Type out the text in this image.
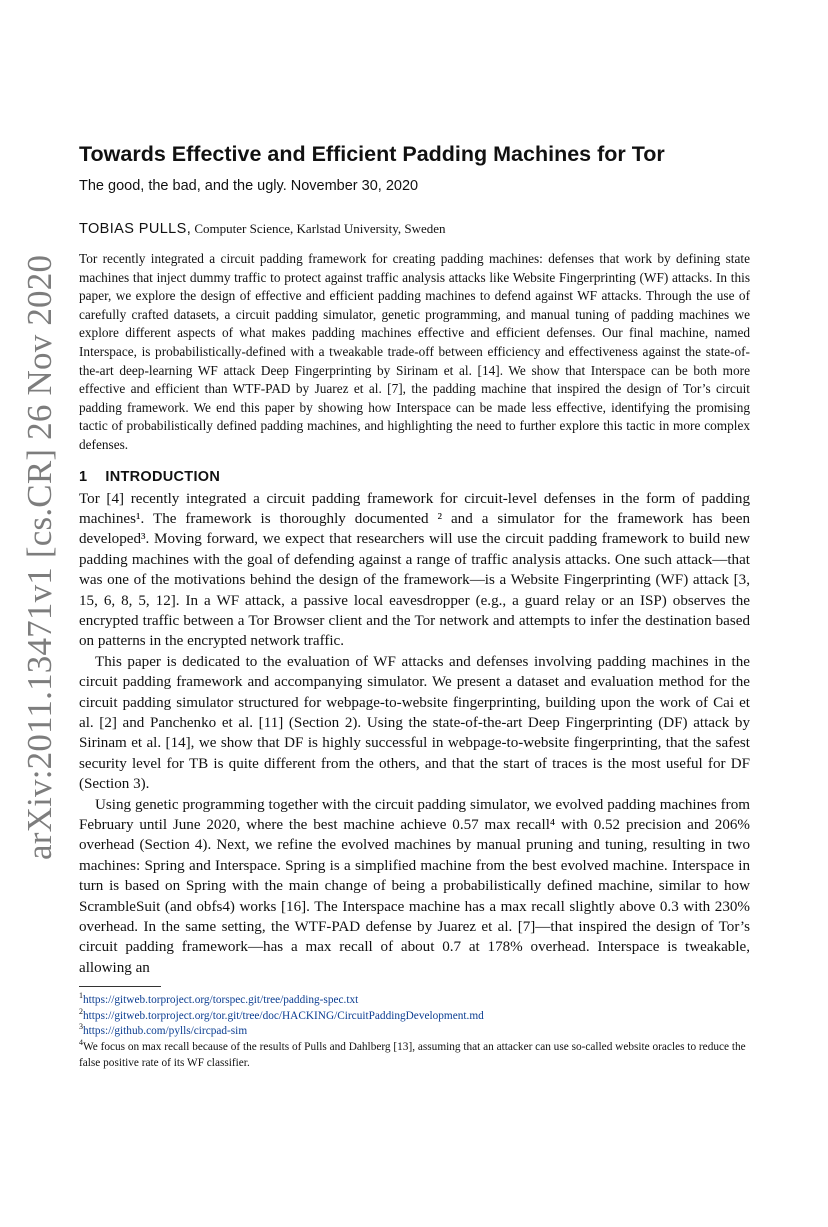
arXiv:2011.13471v1 [cs.CR] 26 Nov 2020
Towards Effective and Efficient Padding Machines for Tor
The good, the bad, and the ugly. November 30, 2020
TOBIAS PULLS, Computer Science, Karlstad University, Sweden
Tor recently integrated a circuit padding framework for creating padding machines: defenses that work by defining state machines that inject dummy traffic to protect against traffic analysis attacks like Website Fingerprinting (WF) attacks. In this paper, we explore the design of effective and efficient padding machines to defend against WF attacks. Through the use of carefully crafted datasets, a circuit padding simulator, genetic programming, and manual tuning of padding machines we explore different aspects of what makes padding machines effective and efficient defenses. Our final machine, named Interspace, is probabilistically-defined with a tweakable trade-off between efficiency and effectiveness against the state-of-the-art deep-learning WF attack Deep Fingerprinting by Sirinam et al. [14]. We show that Interspace can be both more effective and efficient than WTF-PAD by Juarez et al. [7], the padding machine that inspired the design of Tor’s circuit padding framework. We end this paper by showing how Interspace can be made less effective, identifying the promising tactic of probabilistically defined padding machines, and highlighting the need to further explore this tactic in more complex defenses.
1 INTRODUCTION

Tor [4] recently integrated a circuit padding framework for circuit-level defenses in the form of padding machines¹. The framework is thoroughly documented ² and a simulator for the framework has been developed³. Moving forward, we expect that researchers will use the circuit padding framework to build new padding machines with the goal of defending against a range of traffic analysis attacks. One such attack—that was one of the motivations behind the design of the framework—is a Website Fingerprinting (WF) attack [3, 15, 6, 8, 5, 12]. In a WF attack, a passive local eavesdropper (e.g., a guard relay or an ISP) observes the encrypted traffic between a Tor Browser client and the Tor network and attempts to infer the destination based on patterns in the encrypted network traffic.

This paper is dedicated to the evaluation of WF attacks and defenses involving padding machines in the circuit padding framework and accompanying simulator. We present a dataset and evaluation method for the circuit padding simulator structured for webpage-to-website fingerprinting, building upon the work of Cai et al. [2] and Panchenko et al. [11] (Section 2). Using the state-of-the-art Deep Fingerprinting (DF) attack by Sirinam et al. [14], we show that DF is highly successful in webpage-to-website fingerprinting, that the safest security level for TB is quite different from the others, and that the start of traces is the most useful for DF (Section 3).

Using genetic programming together with the circuit padding simulator, we evolved padding machines from February until June 2020, where the best machine achieve 0.57 max recall⁴ with 0.52 precision and 206% overhead (Section 4). Next, we refine the evolved machines by manual pruning and tuning, resulting in two machines: Spring and Interspace. Spring is a simplified machine from the best evolved machine. Interspace in turn is based on Spring with the main change of being a probabilistically defined machine, similar to how ScrambleSuit (and obfs4) works [16]. The Interspace machine has a max recall slightly above 0.3 with 230% overhead. In the same setting, the WTF-PAD defense by Juarez et al. [7]—that inspired the design of Tor’s circuit padding framework—has a max recall of about 0.7 at 178% overhead. Interspace is tweakable, allowing an

$^1$https://gitweb.torproject.org/torspec.git/tree/padding-spec.txt

$^2$https://gitweb.torproject.org/tor.git/tree/doc/HACKING/CircuitPaddingDevelopment.md

$^3$https://github.com/pylls/circpad-sim

$^4$We focus on max recall because of the results of Pulls and Dahlberg [13], assuming that an attacker can use so-called website oracles to reduce the false positive rate of its WF classifier.
